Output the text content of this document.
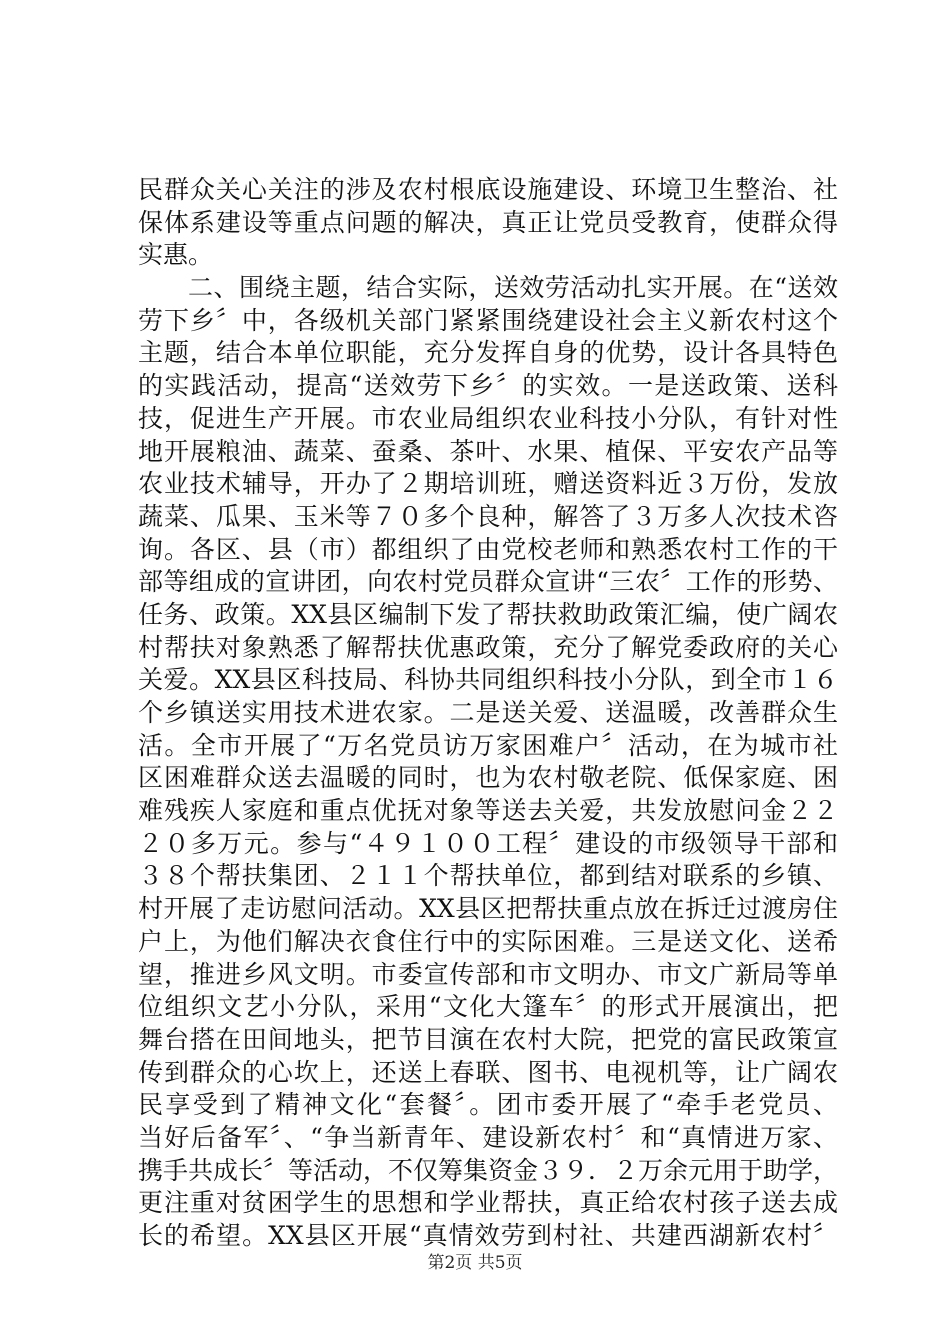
民群众关心关注的涉及农村根底设施建设、环境卫生整治、社
保体系建设等重点问题的解决，真正让党员受教育，使群众得
实惠。
二、围绕主题，结合实际，送效劳活动扎实开展。在“送效
劳下乡〞中，各级机关部门紧紧围绕建设社会主义新农村这个
主题，结合本单位职能，充分发挥自身的优势，设计各具特色
的实践活动，提高“送效劳下乡〞的实效。一是送政策、送科
技，促进生产开展。市农业局组织农业科技小分队，有针对性
地开展粮油、蔬菜、蚕桑、茶叶、水果、植保、平安农产品等
农业技术辅导，开办了２期培训班，赠送资料近３万份，发放
蔬菜、瓜果、玉米等７０多个良种，解答了３万多人次技术咨
询。各区、县（市）都组织了由党校老师和熟悉农村工作的干
部等组成的宣讲团，向农村党员群众宣讲“三农〞工作的形势、
任务、政策。XX县区编制下发了帮扶救助政策汇编，使广阔农
村帮扶对象熟悉了解帮扶优惠政策，充分了解党委政府的关心
关爱。XX县区科技局、科协共同组织科技小分队，到全市１６
个乡镇送实用技术进农家。二是送关爱、送温暖，改善群众生
活。全市开展了“万名党员访万家困难户〞活动，在为城市社
区困难群众送去温暖的同时，也为农村敬老院、低保家庭、困
难残疾人家庭和重点优抚对象等送去关爱，共发放慰问金２２
２０多万元。参与“４９１００工程〞建设的市级领导干部和
３８个帮扶集团、２１１个帮扶单位，都到结对联系的乡镇、
村开展了走访慰问活动。XX县区把帮扶重点放在拆迁过渡房住
户上，为他们解决衣食住行中的实际困难。三是送文化、送希
望，推进乡风文明。市委宣传部和市文明办、市文广新局等单
位组织文艺小分队，采用“文化大篷车〞的形式开展演出，把
舞台搭在田间地头，把节目演在农村大院，把党的富民政策宣
传到群众的心坎上，还送上春联、图书、电视机等，让广阔农
民享受到了精神文化“套餐〞。团市委开展了“牵手老党员、
当好后备军〞、“争当新青年、建设新农村〞和“真情进万家、
携手共成长〞等活动，不仅筹集资金３９．２万余元用于助学，
更注重对贫困学生的思想和学业帮扶，真正给农村孩子送去成
长的希望。XX县区开展“真情效劳到村社、共建西湖新农村〞
第2页 共5页
